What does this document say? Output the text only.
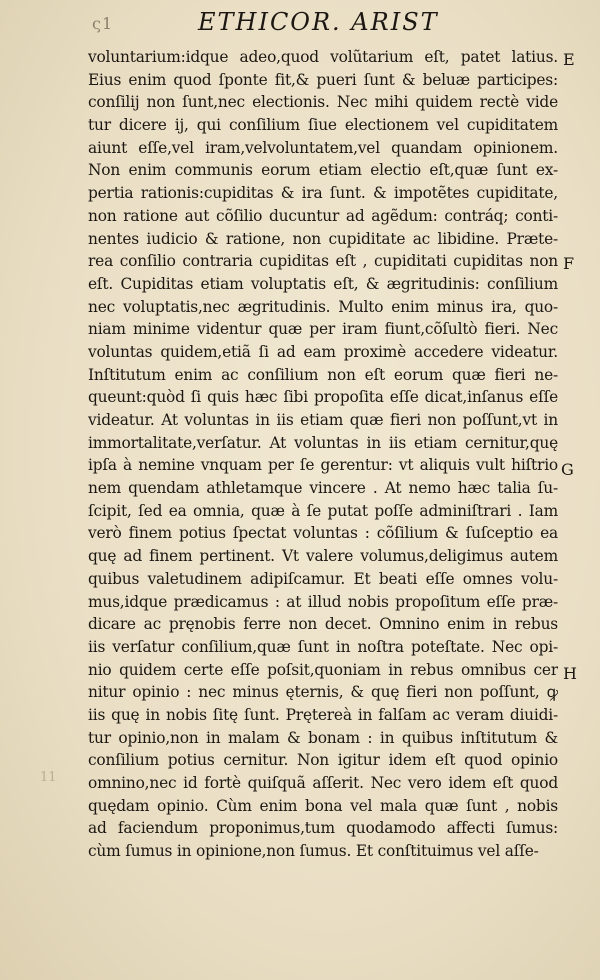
ς1	ETHICOR. ARIST
voluntarium:idque adeo,quod volũtarium eſt, patet latius.
Eius enim quod ſponte fit,& pueri ſunt & beluæ participes:
conſilij non ſunt,nec electionis. Nec mihi quidem rectè vide
tur dicere ij, qui conſilium ſiue electionem vel cupiditatem
aiunt eſſe,vel iram,velvoluntatem,vel quandam opinionem.
Non enim communis eorum etiam electio eſt,quæ ſunt ex-
pertia rationis:cupiditas & ira ſunt. & impotẽtes cupiditate,
non ratione aut cõſilio ducuntur ad agẽdum: contráq; conti-
nentes iudicio & ratione, non cupiditate ac libidine. Præte-
rea conſilio contraria cupiditas eſt , cupiditati cupiditas non
eſt. Cupiditas etiam voluptatis eſt, & ægritudinis: conſilium
nec voluptatis,nec ægritudinis. Multo enim minus ira, quo-
niam minime videntur quæ per iram fiunt,cõſultò fieri. Nec
voluntas quidem,etiã ſi ad eam proximè accedere videatur.
Inſtitutum enim ac conſilium non eſt eorum quæ fieri ne-
queunt:quòd ſi quis hæc ſibi propoſita eſſe dicat,inſanus eſſe
videatur. At voluntas in iis etiam quæ fieri non poſſunt,vt in
immortalitate,verſatur. At voluntas in iis etiam cernitur,quę
ipſa à nemine vnquam per ſe gerentur: vt aliquis vult hiſtrio
nem quendam athletamque vincere . At nemo hæc talia ſu-
ſcipit, ſed ea omnia, quæ à ſe putat poſſe adminiſtrari . Iam
verò finem potius ſpectat voluntas : cõſilium & ſuſceptio ea
quę ad finem pertinent. Vt valere volumus,deligimus autem
quibus valetudinem adipiſcamur. Et beati eſſe omnes volu-
mus,idque prædicamus : at illud nobis propoſitum eſſe præ-
dicare ac pręnobis ferre non decet. Omnino enim in rebus
iis verſatur conſilium,quæ ſunt in noſtra poteſtate. Nec opi-
nio quidem certe eſſe poſsit,quoniam in rebus omnibus cer
nitur opinio : nec minus ęternis, & quę fieri non poſſunt, ꝙ
iis quę in nobis ſitę ſunt. Prętereà in falſam ac veram diuidi-
tur opinio,non in malam & bonam : in quibus inſtitutum &
conſilium potius cernitur. Non igitur idem eſt quod opinio
omnino,nec id fortè quiſquã aſſerit. Nec vero idem eſt quod
quędam opinio. Cùm enim bona vel mala quæ ſunt , nobis
ad faciendum proponimus,tum quodamodo affecti ſumus:
cùm ſumus in opinione,non ſumus. Et conſtituimus vel aſſe-
E
F
G
H
11
